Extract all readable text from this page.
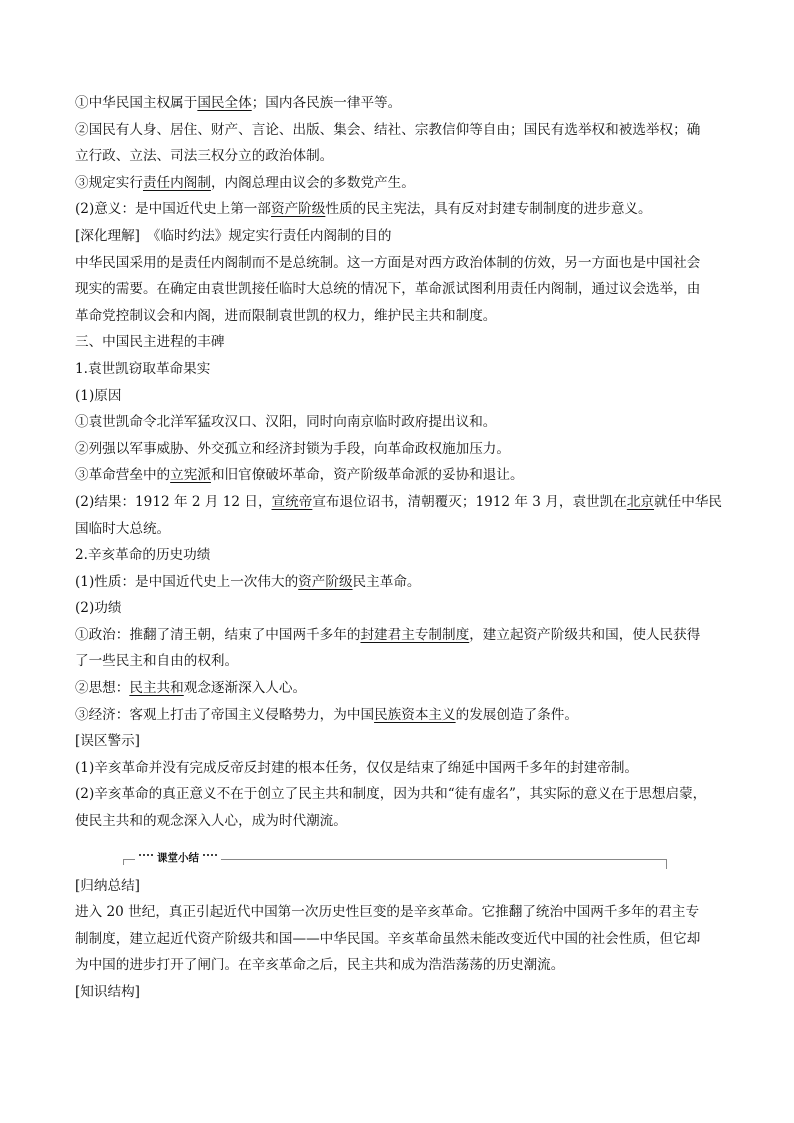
①中华民国主权属于国民全体；国内各民族一律平等。

②国民有人身、居住、财产、言论、出版、集会、结社、宗教信仰等自由；国民有选举权和被选举权；确

立行政、立法、司法三权分立的政治体制。

③规定实行责任内阁制，内阁总理由议会的多数党产生。

(2)意义：是中国近代史上第一部资产阶级性质的民主宪法，具有反对封建专制制度的进步意义。

[深化理解]　《临时约法》规定实行责任内阁制的目的

中华民国采用的是责任内阁制而不是总统制。这一方面是对西方政治体制的仿效，另一方面也是中国社会

现实的需要。在确定由袁世凯接任临时大总统的情况下，革命派试图利用责任内阁制，通过议会选举，由

革命党控制议会和内阁，进而限制袁世凯的权力，维护民主共和制度。

三、中国民主进程的丰碑

1.袁世凯窃取革命果实

(1)原因

①袁世凯命令北洋军猛攻汉口、汉阳，同时向南京临时政府提出议和。

②列强以军事威胁、外交孤立和经济封锁为手段，向革命政权施加压力。

③革命营垒中的立宪派和旧官僚破坏革命，资产阶级革命派的妥协和退让。

(2)结果：1912 年 2 月 12 日，宣统帝宣布退位诏书，清朝覆灭；1912 年 3 月，袁世凯在北京就任中华民

国临时大总统。

2.辛亥革命的历史功绩

(1)性质：是中国近代史上一次伟大的资产阶级民主革命。

(2)功绩

①政治：推翻了清王朝，结束了中国两千多年的封建君主专制制度，建立起资产阶级共和国，使人民获得

了一些民主和自由的权利。

②思想：民主共和观念逐渐深入人心。

③经济：客观上打击了帝国主义侵略势力，为中国民族资本主义的发展创造了条件。

[误区警示]

(1)辛亥革命并没有完成反帝反封建的根本任务，仅仅是结束了绵延中国两千多年的封建帝制。

(2)辛亥革命的真正意义不在于创立了民主共和制度，因为共和“徒有虚名”，其实际的意义在于思想启蒙，

使民主共和的观念深入人心，成为时代潮流。

课堂小结

[归纳总结]

进入 20 世纪，真正引起近代中国第一次历史性巨变的是辛亥革命。它推翻了统治中国两千多年的君主专

制制度，建立起近代资产阶级共和国——中华民国。辛亥革命虽然未能改变近代中国的社会性质，但它却

为中国的进步打开了闸门。在辛亥革命之后，民主共和成为浩浩荡荡的历史潮流。

[知识结构]
